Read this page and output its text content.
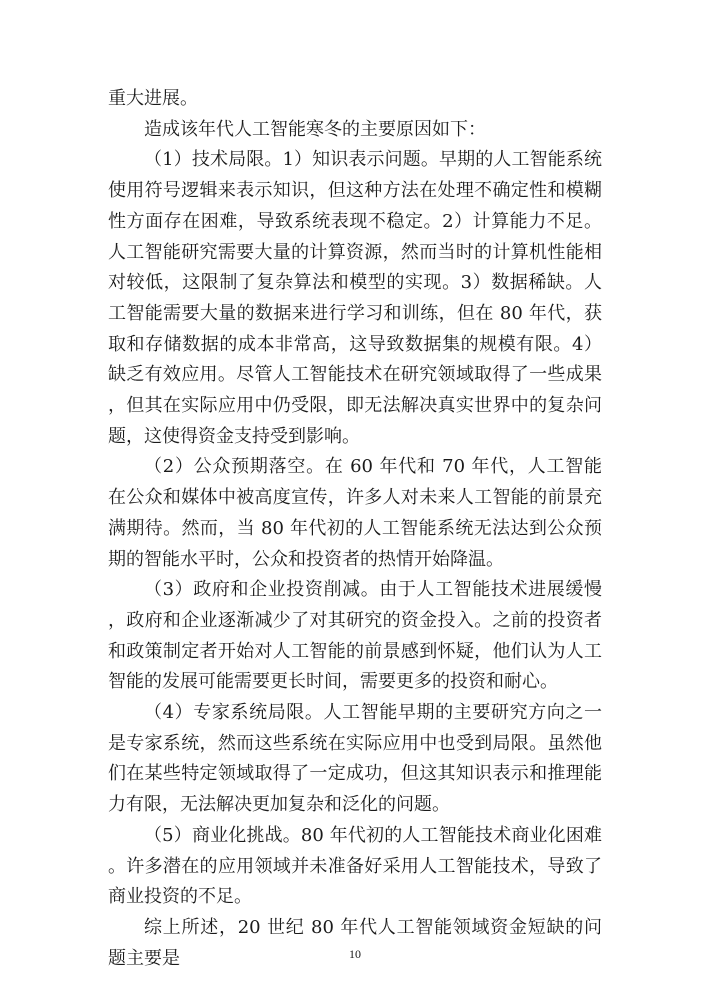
重大进展。

造成该年代人工智能寒冬的主要原因如下：

（1）技术局限。1）知识表示问题。早期的人工智能系统使用符号逻辑来表示知识，但这种方法在处理不确定性和模糊性方面存在困难，导致系统表现不稳定。2）计算能力不足。人工智能研究需要大量的计算资源，然而当时的计算机性能相对较低，这限制了复杂算法和模型的实现。3）数据稀缺。人工智能需要大量的数据来进行学习和训练，但在 80 年代，获取和存储数据的成本非常高，这导致数据集的规模有限。4）缺乏有效应用。尽管人工智能技术在研究领域取得了一些成果，但其在实际应用中仍受限，即无法解决真实世界中的复杂问题，这使得资金支持受到影响。

（2）公众预期落空。在 60 年代和 70 年代，人工智能在公众和媒体中被高度宣传，许多人对未来人工智能的前景充满期待。然而，当 80 年代初的人工智能系统无法达到公众预期的智能水平时，公众和投资者的热情开始降温。

（3）政府和企业投资削减。由于人工智能技术进展缓慢，政府和企业逐渐减少了对其研究的资金投入。之前的投资者和政策制定者开始对人工智能的前景感到怀疑，他们认为人工智能的发展可能需要更长时间，需要更多的投资和耐心。

（4）专家系统局限。人工智能早期的主要研究方向之一是专家系统，然而这些系统在实际应用中也受到局限。虽然他们在某些特定领域取得了一定成功，但这其知识表示和推理能力有限，无法解决更加复杂和泛化的问题。

（5）商业化挑战。80 年代初的人工智能技术商业化困难。许多潜在的应用领域并未准备好采用人工智能技术，导致了商业投资的不足。

综上所述，20 世纪 80 年代人工智能领域资金短缺的问题主要是	10
